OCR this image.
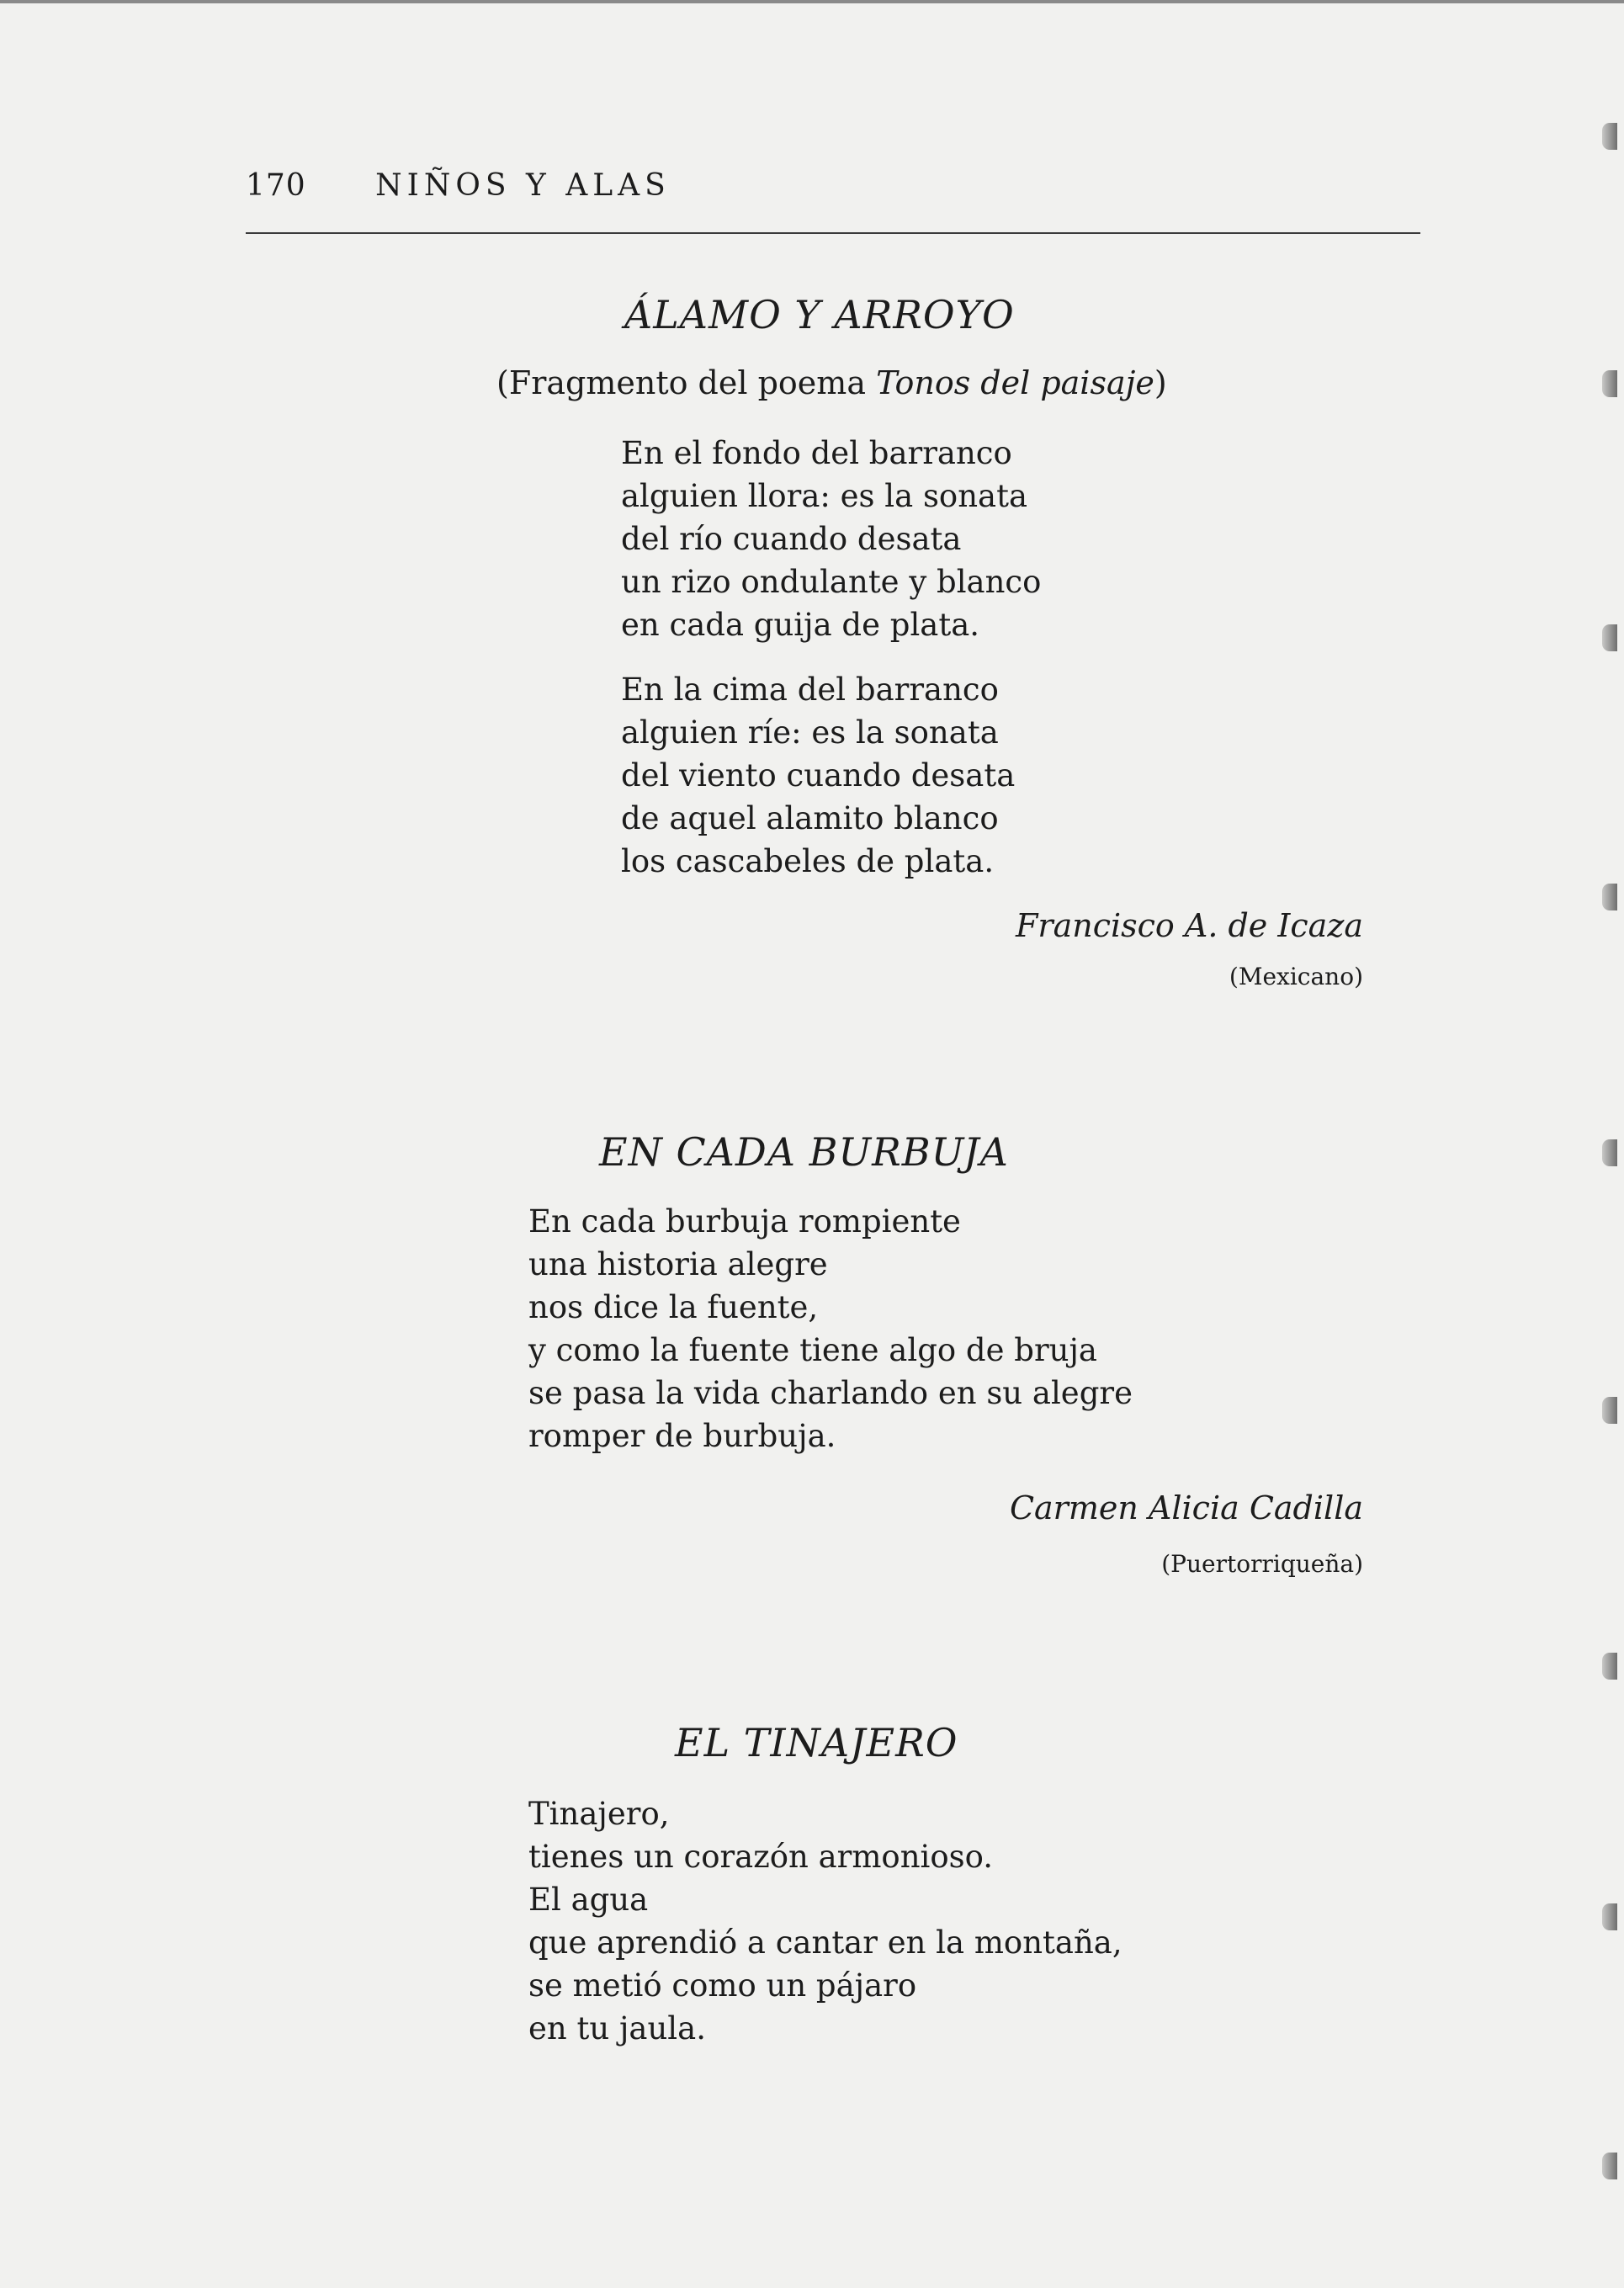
170 NIÑOS Y ALAS
ÁLAMO Y ARROYO
(Fragmento del poema Tonos del paisaje)
En el fondo del barranco
alguien llora: es la sonata
del río cuando desata
un rizo ondulante y blanco
en cada guija de plata.
En la cima del barranco
alguien ríe: es la sonata
del viento cuando desata
de aquel alamito blanco
los cascabeles de plata.
Francisco A. de Icaza
(Mexicano)
EN CADA BURBUJA
En cada burbuja rompiente
una historia alegre
nos dice la fuente,
y como la fuente tiene algo de bruja
se pasa la vida charlando en su alegre
romper de burbuja.
Carmen Alicia Cadilla
(Puertorriqueña)
EL TINAJERO
Tinajero,
tienes un corazón armonioso.
El agua
que aprendió a cantar en la montaña,
se metió como un pájaro
en tu jaula.
